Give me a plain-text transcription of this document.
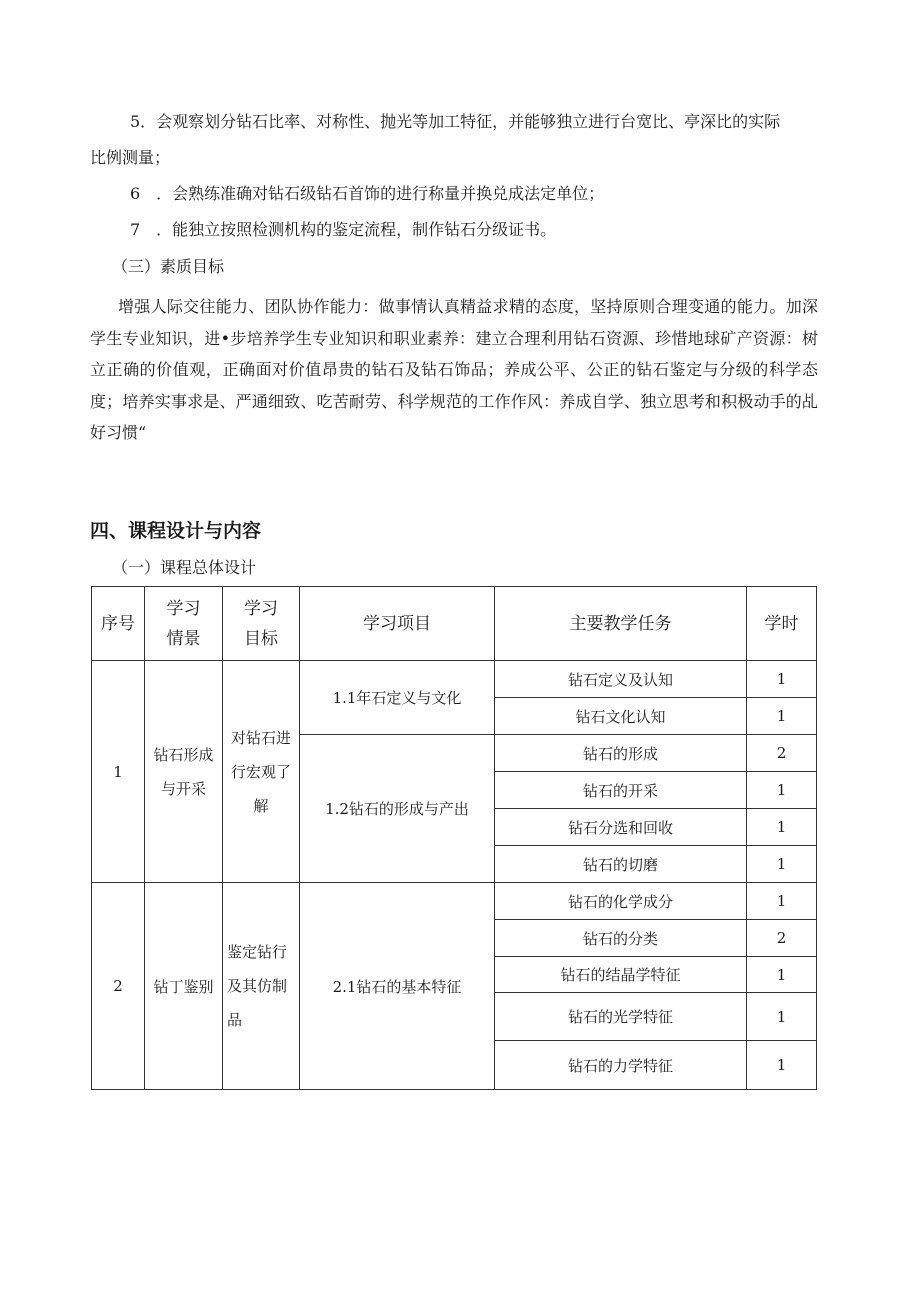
5．会观察划分钻石比率、对称性、抛光等加工特征，并能够独立进行台宽比、亭深比的实际
比例测量；
6　．会熟练准确对钻石级钻石首饰的进行称量并换兑成法定单位；
7　．能独立按照检测机构的鉴定流程，制作钻石分级证书。
（三）素质目标
增强人际交往能力、团队协作能力：做事情认真精益求精的态度，坚持原则合理变通的能力。加深学生专业知识，进•步培养学生专业知识和职业素养：建立合理利用钻石资源、珍惜地球矿产资源：树立正确的价值观，正确面对价值昂贵的钻石及钻石饰品；养成公平、公正的钻石鉴定与分级的科学态度；培养实事求是、严通细致、吃苦耐劳、科学规范的工作作风：养成自学、独立思考和积极动手的乩好习惯“
四、课程设计与内容
（一）课程总体设计
序号	学习情景	学习目标	学习项目	主要教学任务	学时
1	钻石形成与开采	对钻石进行宏观了解	1.1年石定义与文化	钻石定义及认知	1
				钻石文化认知	1
			1.2钻石的形成与产出	钻石的形成	2
				钻石的开采	1
				钻石分选和回收	1
				钻石的切磨	1
2	钻丁鉴别	鉴定钻行及其仿制品	2.1钻石的基本特征	钻石的化学成分	1
				钻石的分类	2
				钻石的结晶学特征	1
				钻石的光学特征	1
				钻石的力学特征	1
